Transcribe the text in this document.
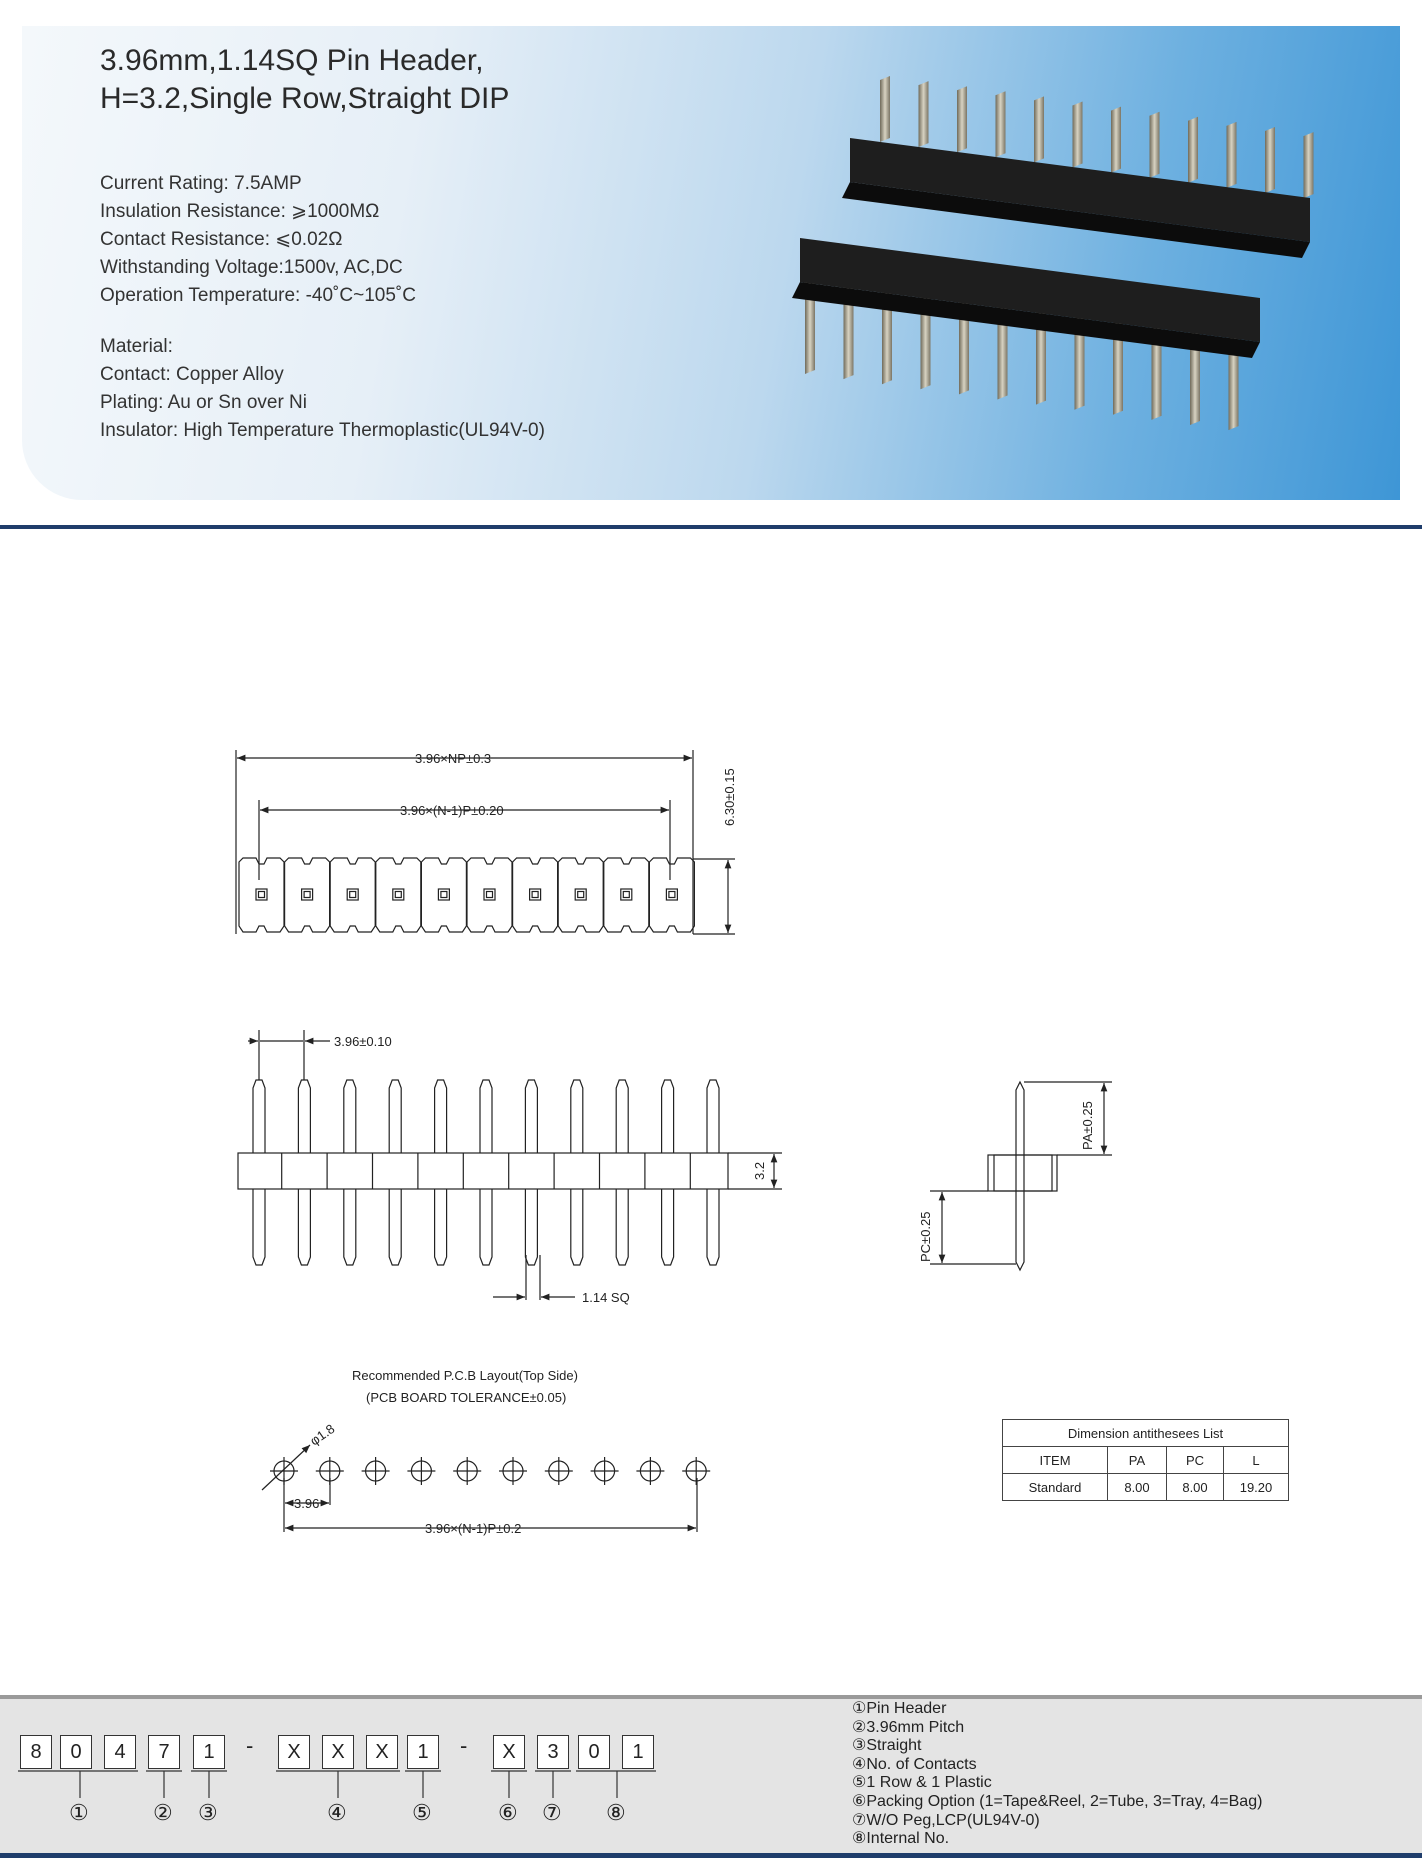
3.96mm,1.14SQ Pin Header,
H=3.2,Single Row,Straight DIP
Current Rating: 7.5AMP
Insulation Resistance: ⩾1000MΩ
Contact Resistance: ⩽0.02Ω
Withstanding Voltage:1500v, AC,DC
Operation Temperature: -40˚C~105˚C
Material:
Contact: Copper Alloy
Plating: Au or Sn over Ni
Insulator: High Temperature Thermoplastic(UL94V-0)
3.96×NP±0.3
3.96×(N-1)P±0.20	6.30±0.15
3.96±0.10
3.2
1.14 SQ
PA±0.25
PC±0.25
Recommended P.C.B Layout(Top Side)
(PCB BOARD TOLERANCE±0.05)
φ1.8
3.96
3.96×(N-1)P±0.2
Dimension antithesees List			
ITEM	PA	PC	L
Standard	8.00	8.00	19.20
8	0	4	7	1	-	X	X	X	1	-	X	3	0	1
①	② ③	④	⑤	⑥ ⑦ ⑧
①Pin Header
②3.96mm Pitch
③Straight
④No. of Contacts
⑤1 Row & 1 Plastic
⑥Packing Option (1=Tape&Reel, 2=Tube, 3=Tray, 4=Bag)
⑦W/O Peg,LCP(UL94V-0)
⑧Internal No.
